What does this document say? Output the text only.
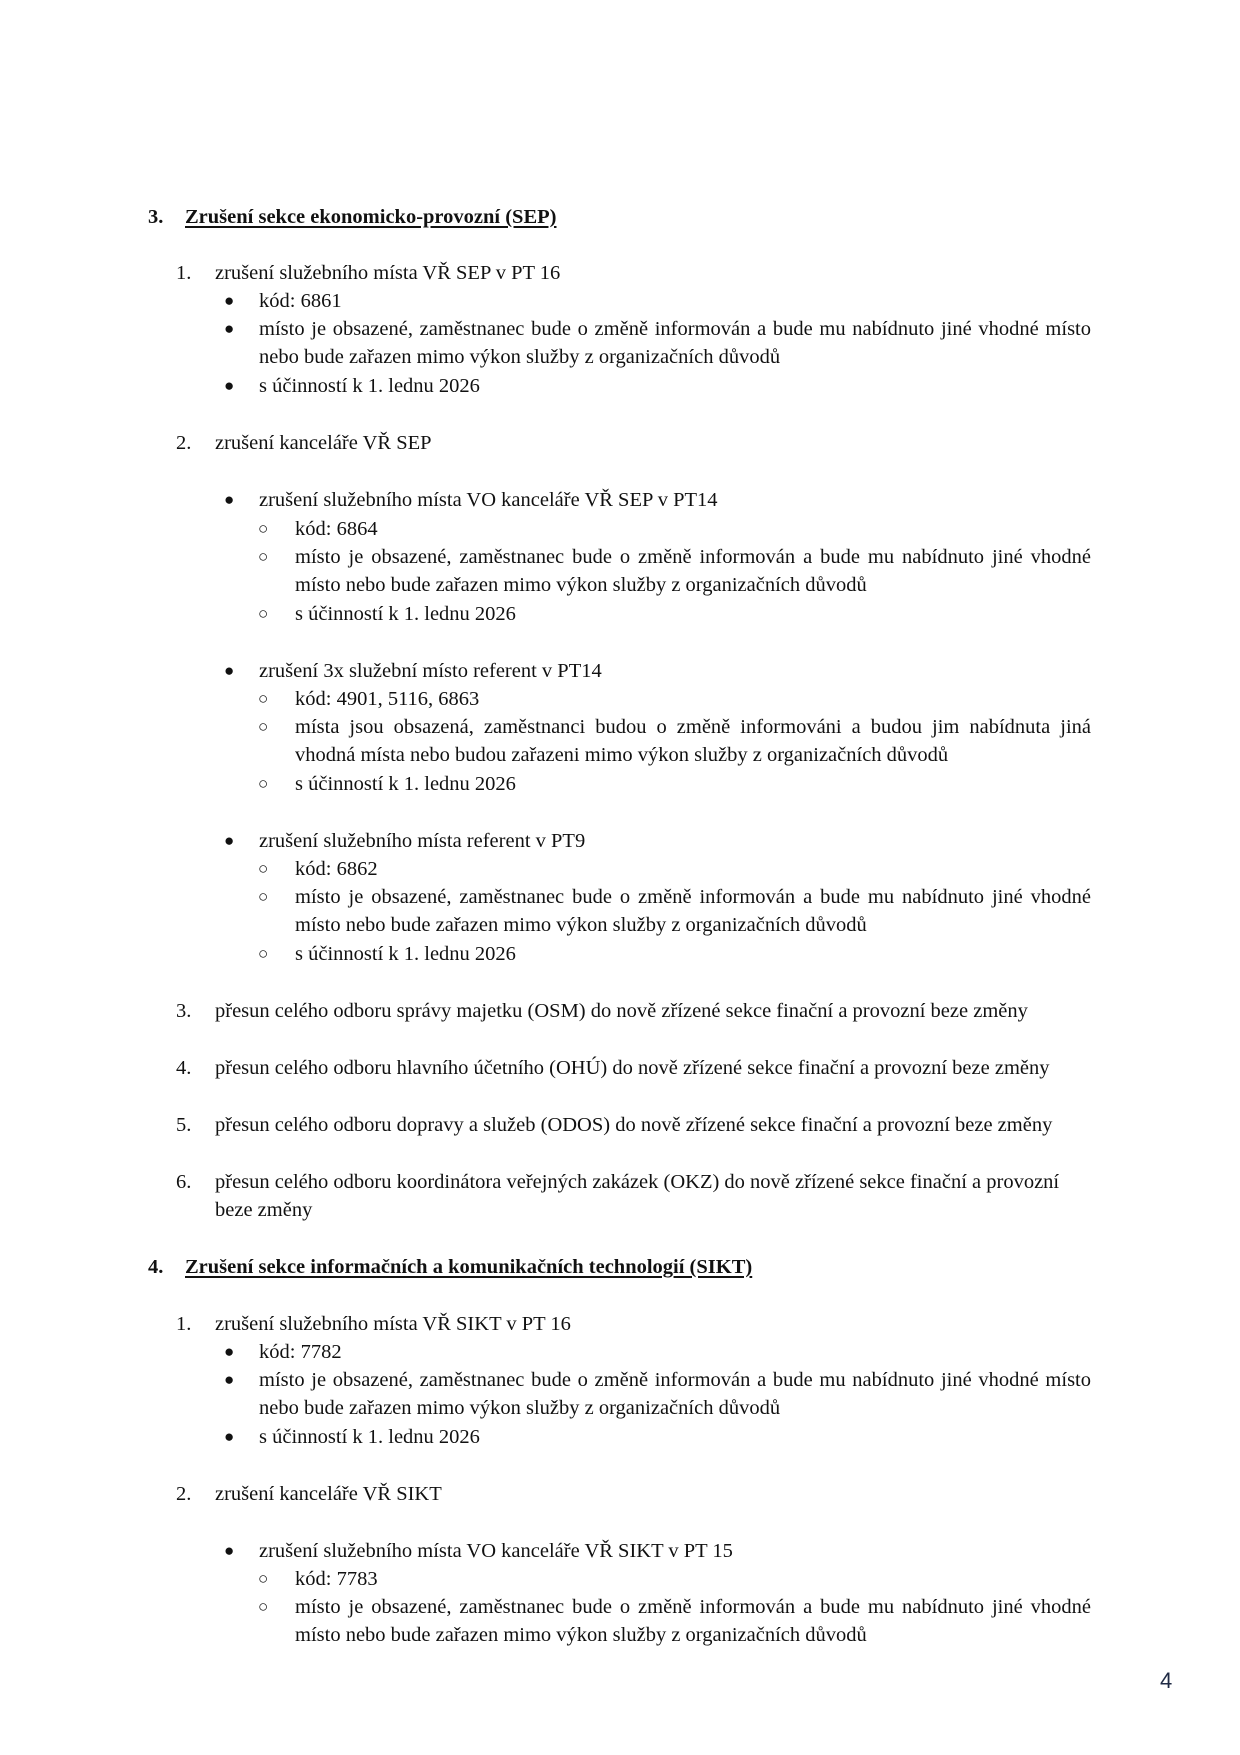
3. Zrušení sekce ekonomicko-provozní (SEP)
1. zrušení služebního místa VŘ SEP v PT 16
● kód: 6861
● místo je obsazené, zaměstnanec bude o změně informován a bude mu nabídnuto jiné vhodné místo nebo bude zařazen mimo výkon služby z organizačních důvodů
● s účinností k 1. lednu 2026
2. zrušení kanceláře VŘ SEP
● zrušení služebního místa VO kanceláře VŘ SEP v PT14
○ kód: 6864
○ místo je obsazené, zaměstnanec bude o změně informován a bude mu nabídnuto jiné vhodné místo nebo bude zařazen mimo výkon služby z organizačních důvodů
○ s účinností k 1. lednu 2026
● zrušení 3x služební místo referent v PT14
○ kód: 4901, 5116, 6863
○ místa jsou obsazená, zaměstnanci budou o změně informováni a budou jim nabídnuta jiná vhodná místa nebo budou zařazeni mimo výkon služby z organizačních důvodů
○ s účinností k 1. lednu 2026
● zrušení služebního místa referent v PT9
○ kód: 6862
○ místo je obsazené, zaměstnanec bude o změně informován a bude mu nabídnuto jiné vhodné místo nebo bude zařazen mimo výkon služby z organizačních důvodů
○ s účinností k 1. lednu 2026
3. přesun celého odboru správy majetku (OSM) do nově zřízené sekce finační a provozní beze změny
4. přesun celého odboru hlavního účetního (OHÚ) do nově zřízené sekce finační a provozní beze změny
5. přesun celého odboru dopravy a služeb (ODOS) do nově zřízené sekce finační a provozní beze změny
6. přesun celého odboru koordinátora veřejných zakázek (OKZ) do nově zřízené sekce finační a provozní beze změny
4. Zrušení sekce informačních a komunikačních technologií (SIKT)
1. zrušení služebního místa VŘ SIKT v PT 16
● kód: 7782
● místo je obsazené, zaměstnanec bude o změně informován a bude mu nabídnuto jiné vhodné místo nebo bude zařazen mimo výkon služby z organizačních důvodů
● s účinností k 1. lednu 2026
2. zrušení kanceláře VŘ SIKT
● zrušení služebního místa VO kanceláře VŘ SIKT v PT 15
○ kód: 7783
○ místo je obsazené, zaměstnanec bude o změně informován a bude mu nabídnuto jiné vhodné místo nebo bude zařazen mimo výkon služby z organizačních důvodů
4
